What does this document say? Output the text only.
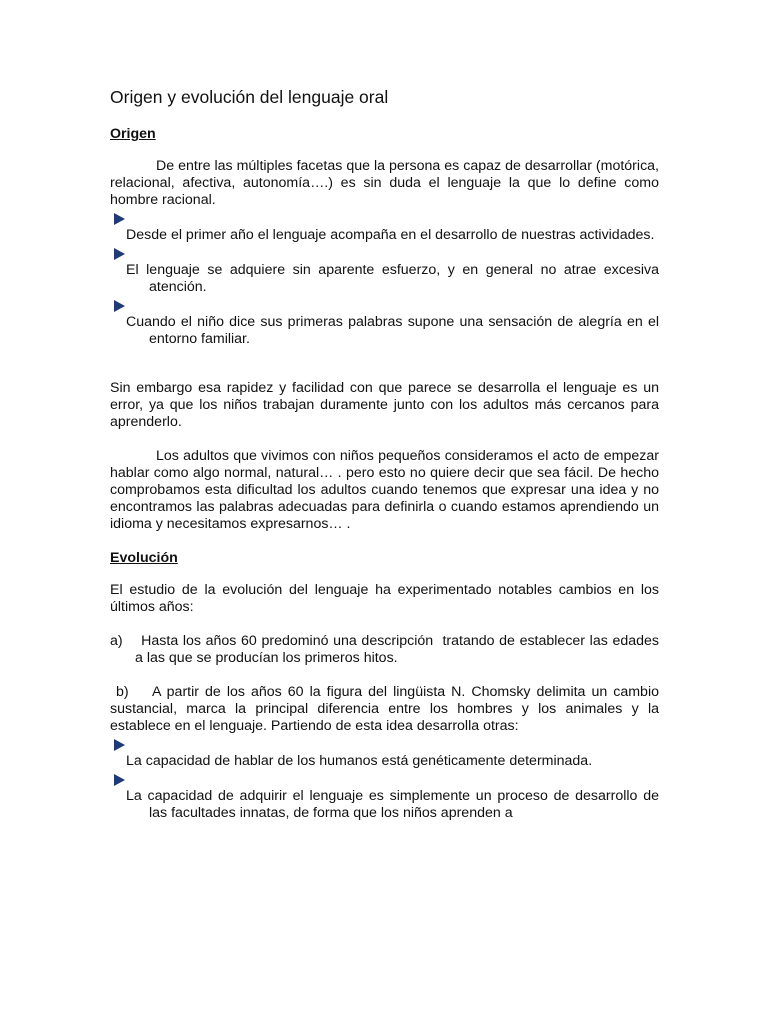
Origen y evolución del lenguaje oral
Origen

De entre las múltiples facetas que la persona es capaz de desarrollar (motórica, relacional, afectiva, autonomía….) es sin duda el lenguaje la que lo define como hombre racional.

Desde el primer año el lenguaje acompaña en el desarrollo de nuestras actividades.

El lenguaje se adquiere sin aparente esfuerzo, y en general no atrae excesiva atención.

Cuando el niño dice sus primeras palabras supone una sensación de alegría en el entorno familiar.

Sin embargo esa rapidez y facilidad con que parece se desarrolla el lenguaje es un error, ya que los niños trabajan duramente junto con los adultos más cercanos para aprenderlo.

Los adultos que vivimos con niños pequeños consideramos el acto de empezar hablar como algo normal, natural… . pero esto no quiere decir que sea fácil. De hecho comprobamos esta dificultad los adultos cuando tenemos que expresar una idea y no encontramos las palabras adecuadas para definirla o cuando estamos aprendiendo un idioma y necesitamos expresarnos… .

Evolución

El estudio de la evolución del lenguaje ha experimentado notables cambios en los últimos años:

a)    Hasta los años 60 predominó una descripción  tratando de establecer las edades a las que se producían los primeros hitos.

b)    A partir de los años 60 la figura del lingüista N. Chomsky delimita un cambio sustancial, marca la principal diferencia entre los hombres y los animales y la establece en el lenguaje. Partiendo de esta idea desarrolla otras:

La capacidad de hablar de los humanos está genéticamente determinada.

La capacidad de adquirir el lenguaje es simplemente un proceso de desarrollo de las facultades innatas, de forma que los niños aprenden a
